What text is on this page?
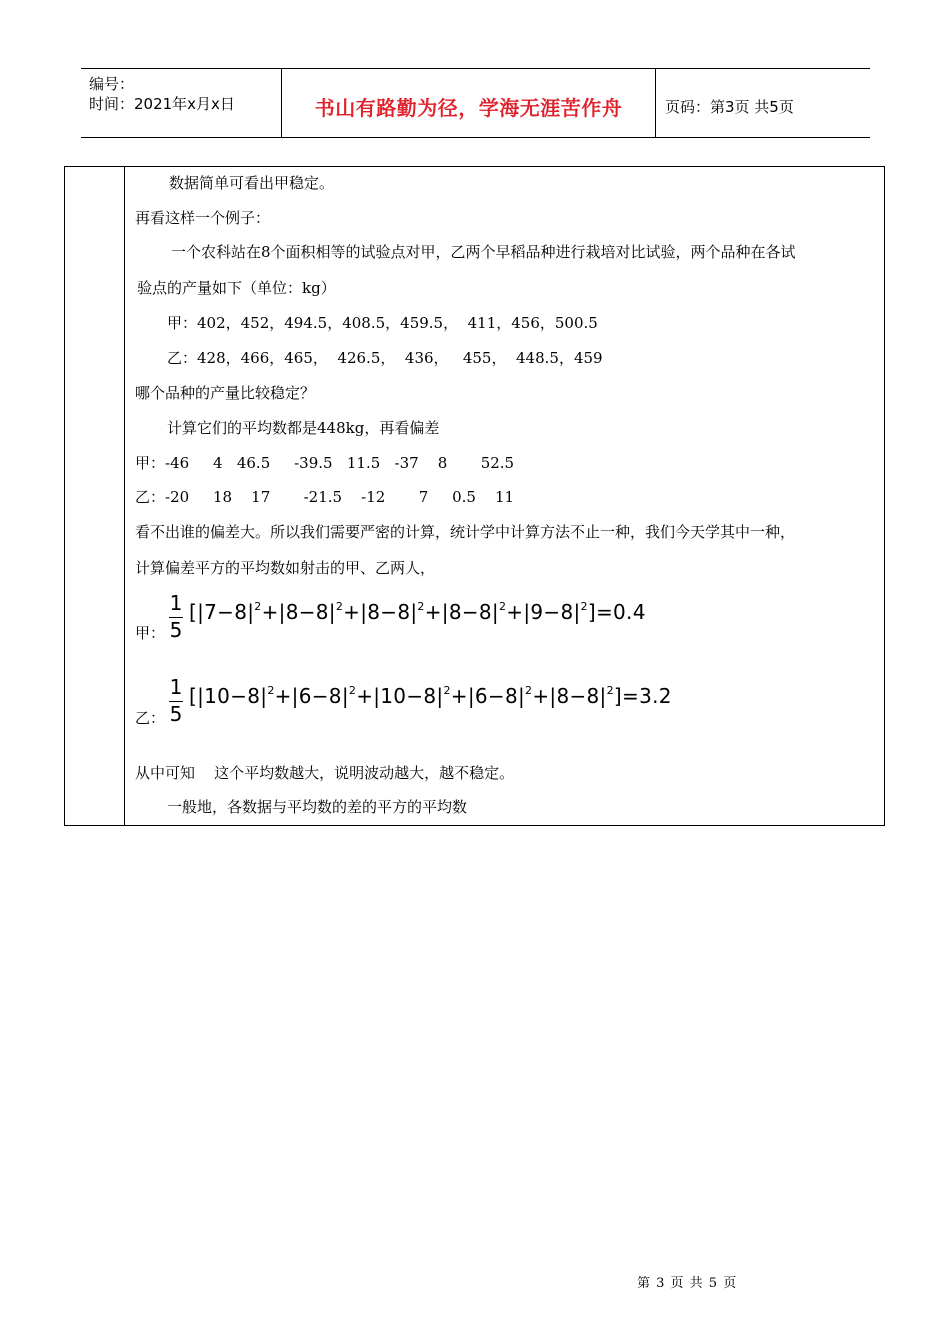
编号：
时间：2021年x月x日	书山有路勤为径，学海无涯苦作舟	页码：第3页 共5页
数据简单可看出甲稳定。
再看这样一个例子：
一个农科站在8个面积相等的试验点对甲，乙两个早稻品种进行栽培对比试验，两个品种在各试
验点的产量如下（单位：kg）
甲：402，452，494.5，408.5，459.5，  411，456，500.5
乙：428，466，465，  426.5，  436，   455，  448.5，459
哪个品种的产量比较稳定？
计算它们的平均数都是448kg，再看偏差
甲：-46     4   46.5     -39.5   11.5   -37    8       52.5
乙：-20     18    17       -21.5    -12       7     0.5    11
看不出谁的偏差大。所以我们需要严密的计算，统计学中计算方法不止一种，我们今天学其中一种，
计算偏差平方的平均数如射击的甲、乙两人，
甲：
1
5
$[|7-8|^2+|8-8|^2+|8-8|^2+|8-8|^2+|9-8|^2]=0.4$
乙：
1
5
$[|10-8|^2+|6-8|^2+|10-8|^2+|6-8|^2+|8-8|^2]=3.2$
从中可知    这个平均数越大，说明波动越大，越不稳定。
一般地，各数据与平均数的差的平方的平均数
第 3 页 共 5 页
